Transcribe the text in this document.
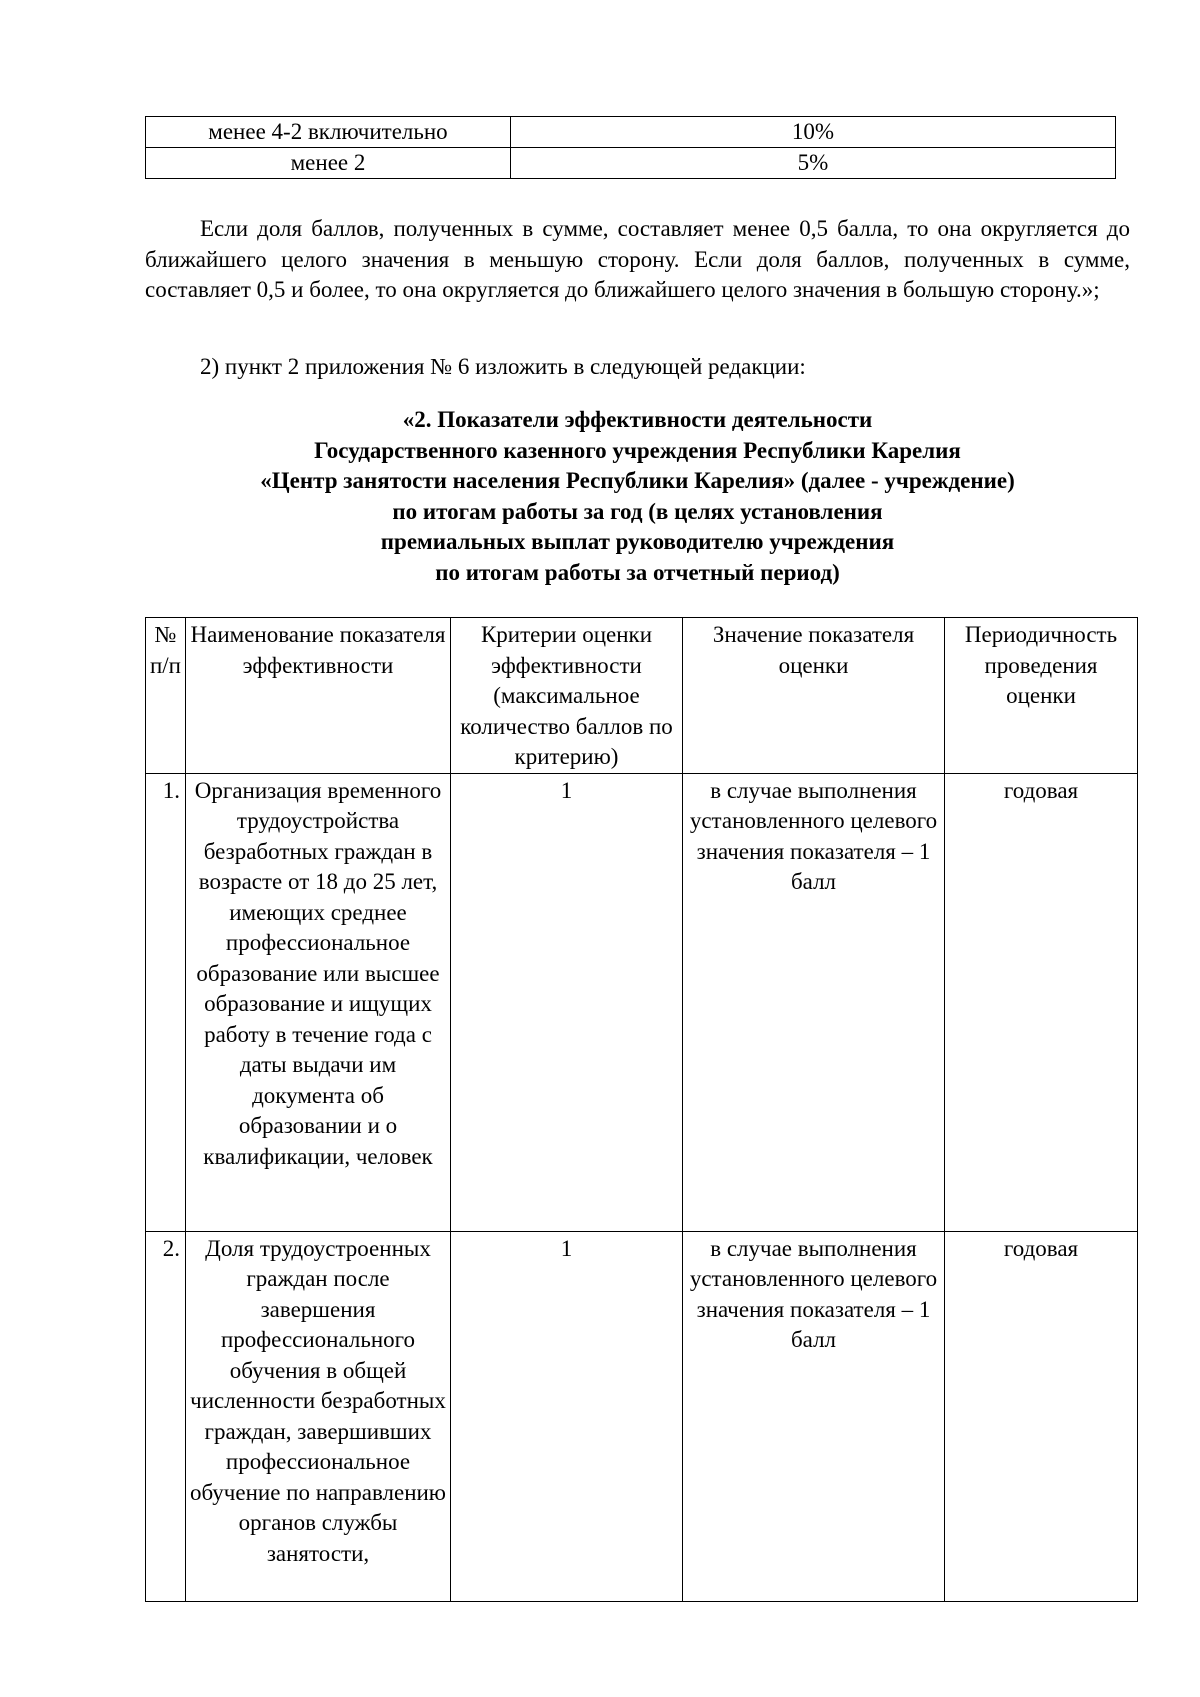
менее 4-2 включительно	10%
менее 2	5%

Если доля баллов, полученных в сумме, составляет менее 0,5 балла, то она округляется до ближайшего целого значения в меньшую сторону. Если доля баллов, полученных в сумме, составляет 0,5 и более, то она округляется до ближайшего целого значения в большую сторону.»;

2) пункт 2 приложения № 6 изложить в следующей редакции:

«2. Показатели эффективности деятельности
Государственного казенного учреждения Республики Карелия
«Центр занятости населения Республики Карелия» (далее - учреждение)
по итогам работы за год (в целях установления
премиальных выплат руководителю учреждения
по итогам работы за отчетный период)
№ п/п	Наименование показателя эффективности	Критерии оценки эффективности (максимальное количество баллов по критерию)	Значение показателя оценки	Периодичность проведения оценки
1.	Организация временного трудоустройства безработных граждан в возрасте от 18 до 25 лет, имеющих среднее профессиональное образование или высшее образование и ищущих работу в течение года с даты выдачи им документа об образовании и о квалификации, человек	1	в случае выполнения установленного целевого значения показателя – 1 балл	годовая
2.	Доля трудоустроенных граждан после завершения профессионального обучения в общей численности безработных граждан, завершивших профессиональное обучение по направлению органов службы занятости,	1	в случае выполнения установленного целевого значения показателя – 1 балл	годовая
